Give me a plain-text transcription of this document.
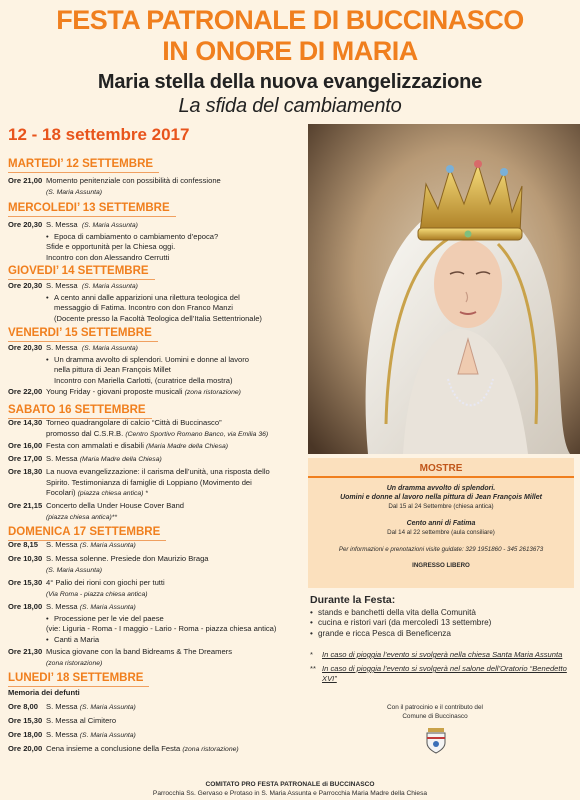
FESTA PATRONALE DI BUCCINASCO
IN ONORE DI MARIA
Maria stella della nuova evangelizzazione
La sfida del cambiamento
12 - 18 settembre 2017
MARTEDI’ 12 SETTEMBRE
Ore 21,00 Momento penitenziale con possibilità di confessione
(S. Maria Assunta)
MERCOLEDI’ 13 SETTEMBRE
Ore 20,30 S. Messa (S. Maria Assunta)
• Epoca di cambiamento o cambiamento d’epoca?
Sfide e opportunità per la Chiesa oggi.
Incontro con don Alessandro Cerrutti
GIOVEDI’ 14 SETTEMBRE
Ore 20,30 S. Messa (S. Maria Assunta)
• A cento anni dalle apparizioni una rilettura teologica del
messaggio di Fatima. Incontro con don Franco Manzi
(Docente presso la Facoltà Teologica dell’Italia Settentrionale)
VENERDI’ 15 SETTEMBRE
Ore 20,30 S. Messa (S. Maria Assunta)
• Un dramma avvolto di splendori. Uomini e donne al lavoro
nella pittura di Jean François Millet
Incontro con Mariella Carlotti, (curatrice della mostra)
Ore 22,00 Young Friday - giovani proposte musicali (zona ristorazione)
SABATO 16 SETTEMBRE
Ore 14,30 Torneo quadrangolare di calcio “Città di Buccinasco”
promosso dal C.S.R.B. (Centro Sportivo Romano Banco, via Emilia 36)
Ore 16,00 Festa con ammalati e disabili (Maria Madre della Chiesa)
Ore 17,00 S. Messa (Maria Madre della Chiesa)
Ore 18,30 La nuova evangelizzazione: il carisma dell’unità, una risposta dello
Spirito. Testimonianza di famiglie di Loppiano (Movimento dei
Focolari) (piazza chiesa antica) *
Ore 21,15 Concerto della Under House Cover Band
(piazza chiesa antica)**
DOMENICA 17 SETTEMBRE
Ore 8,15	S. Messa (S. Maria Assunta)
Ore 10,30 S. Messa solenne. Presiede don Maurizio Braga
(S. Maria Assunta)
Ore 15,30 4° Palio dei rioni con giochi per tutti
(Via Roma - piazza chiesa antica)
Ore 18,00 S. Messa (S. Maria Assunta)
• Processione per le vie del paese
(vie: Liguria - Roma - I maggio - Lario - Roma - piazza chiesa antica)
• Canti a Maria
Ore 21,30 Musica giovane con la band Bidreams & The Dreamers
(zona ristorazione)
LUNEDI’ 18 SETTEMBRE
Memoria dei defunti
Ore 8,00	S. Messa (S. Maria Assunta)
Ore 15,30 S. Messa al Cimitero
Ore 18,00 S. Messa (S. Maria Assunta)
Ore 20,00 Cena insieme a conclusione della Festa (zona ristorazione)
MOSTRE
Un dramma avvolto di splendori.
Uomini e donne al lavoro nella pittura di Jean François Millet
Dal 15 al 24 Settembre (chiesa antica)
Cento anni di Fatima
Dal 14 al 22 settembre (aula consiliare)
Per informazioni e prenotazioni visite guidate: 329 1951860 - 345 2613673
INGRESSO LIBERO
Durante la Festa:
• stands e banchetti della vita della Comunità
• cucina e ristori vari (da mercoledì 13 settembre)
• grande e ricca Pesca di Beneficenza
* In caso di pioggia l’evento si svolgerà nella chiesa Santa Maria Assunta
** In caso di pioggia l’evento si svolgerà nel salone dell’Oratorio “Benedetto XVI”
Con il patrocinio e il contributo del
Comune di Buccinasco
COMITATO PRO FESTA PATRONALE di BUCCINASCO
Parrocchia Ss. Gervaso e Protaso in S. Maria Assunta e Parrocchia Maria Madre della Chiesa
